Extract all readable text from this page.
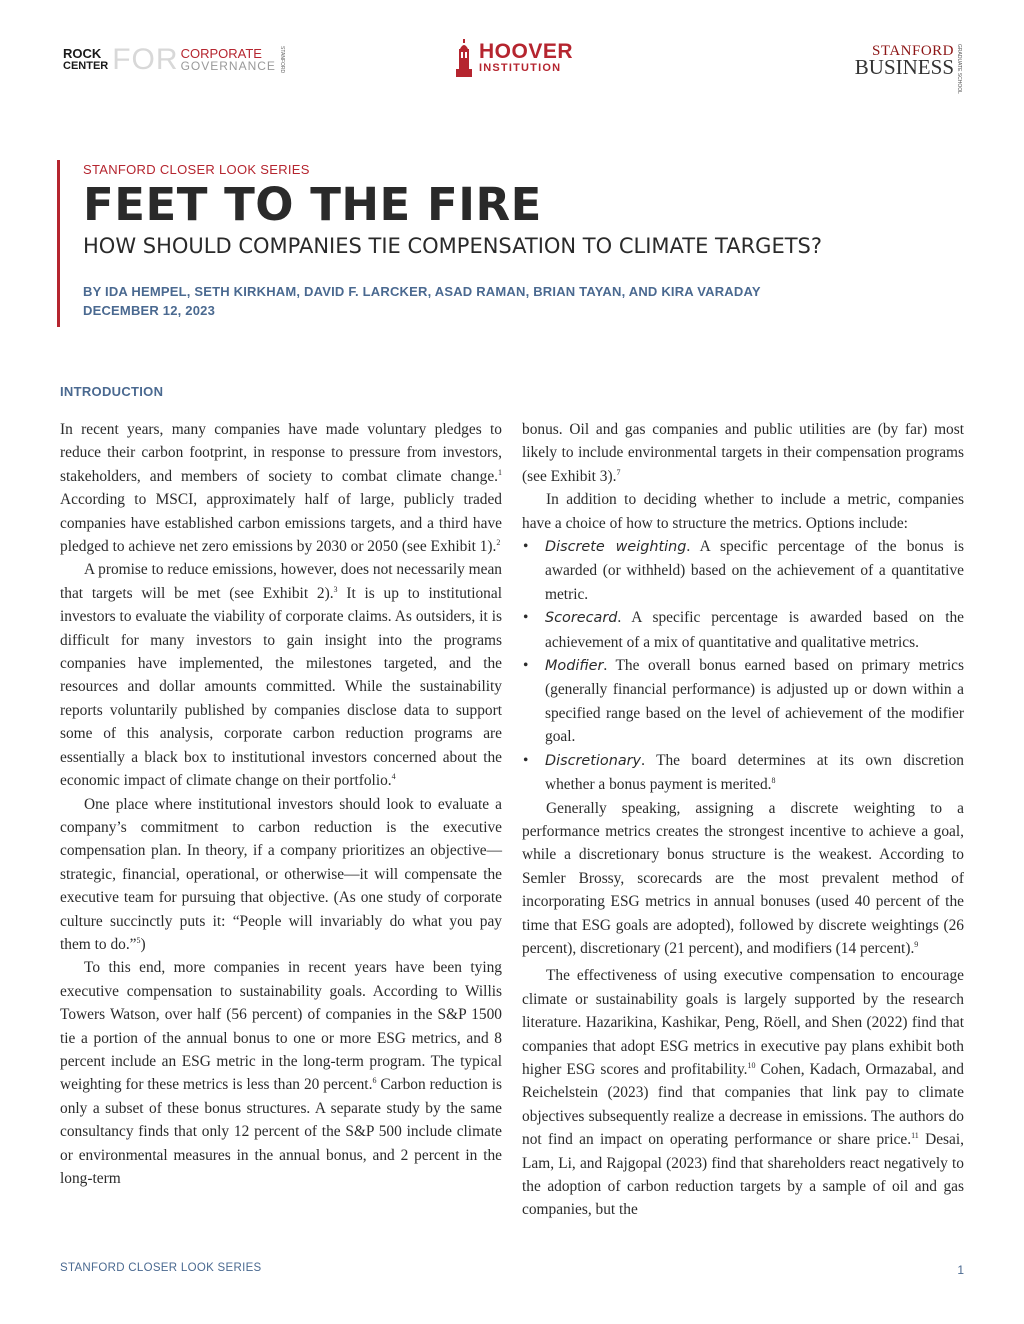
ROCK
CENTER FOR CORPORATE
GOVERNANCE STANFORD	HOOVER
INSTITUTION
STANFORD
BUSINESS GRADUATE SCHOOL
STANFORD CLOSER LOOK SERIES
FEET TO THE FIRE
HOW SHOULD COMPANIES TIE COMPENSATION TO CLIMATE TARGETS?
BY IDA HEMPEL, SETH KIRKHAM, DAVID F. LARCKER, ASAD RAMAN, BRIAN TAYAN, AND KIRA VARADAY
DECEMBER 12, 2023
INTRODUCTION

In recent years, many companies have made voluntary pledges to reduce their carbon footprint, in response to pressure from investors, stakeholders, and members of society to combat climate change.$^1$ According to MSCI, approximately half of large, publicly traded companies have established carbon emissions targets, and a third have pledged to achieve net zero emissions by 2030 or 2050 (see Exhibit 1).$^2$

A promise to reduce emissions, however, does not necessarily mean that targets will be met (see Exhibit 2).$^3$ It is up to institutional investors to evaluate the viability of corporate claims. As outsiders, it is difficult for many investors to gain insight into the programs companies have implemented, the milestones targeted, and the resources and dollar amounts committed. While the sustainability reports voluntarily published by companies disclose data to support some of this analysis, corporate carbon reduction programs are essentially a black box to institutional investors concerned about the economic impact of climate change on their portfolio.$^4$

One place where institutional investors should look to evaluate a company’s commitment to carbon reduction is the executive compensation plan. In theory, if a company prioritizes an objective—strategic, financial, operational, or otherwise—it will compensate the executive team for pursuing that objective. (As one study of corporate culture succinctly puts it: “People will invariably do what you pay them to do.”$^5$)

To this end, more companies in recent years have been tying executive compensation to sustainability goals. According to Willis Towers Watson, over half (56 percent) of companies in the S&P 1500 tie a portion of the annual bonus to one or more ESG metrics, and 8 percent include an ESG metric in the long-term program. The typical weighting for these metrics is less than 20 percent.$^6$ Carbon reduction is only a subset of these bonus structures. A separate study by the same consultancy finds that only 12 percent of the S&P 500 include climate or environmental measures in the annual bonus, and 2 percent in the long-term

bonus. Oil and gas companies and public utilities are (by far) most likely to include environmental targets in their compensation programs (see Exhibit 3).$^7$

In addition to deciding whether to include a metric, companies have a choice of how to structure the metrics. Options include:

• Discrete weighting. A specific percentage of the bonus is awarded (or withheld) based on the achievement of a quantitative metric.
• Scorecard. A specific percentage is awarded based on the achievement of a mix of quantitative and qualitative metrics.
• Modifier. The overall bonus earned based on primary metrics (generally financial performance) is adjusted up or down within a specified range based on the level of achievement of the modifier goal.
• Discretionary. The board determines at its own discretion whether a bonus payment is merited.$^8$

Generally speaking, assigning a discrete weighting to a performance metrics creates the strongest incentive to achieve a goal, while a discretionary bonus structure is the weakest. According to Semler Brossy, scorecards are the most prevalent method of incorporating ESG metrics in annual bonuses (used 40 percent of the time that ESG goals are adopted), followed by discrete weightings (26 percent), discretionary (21 percent), and modifiers (14 percent).$^9$

The effectiveness of using executive compensation to encourage climate or sustainability goals is largely supported by the research literature. Hazarikina, Kashikar, Peng, Röell, and Shen (2022) find that companies that adopt ESG metrics in executive pay plans exhibit both higher ESG scores and profitability.$^{10}$ Cohen, Kadach, Ormazabal, and Reichelstein (2023) find that companies that link pay to climate objectives subsequently realize a decrease in emissions. The authors do not find an impact on operating performance or share price.$^{11}$ Desai, Lam, Li, and Rajgopal (2023) find that shareholders react negatively to the adoption of carbon reduction targets by a sample of oil and gas companies, but the

STANFORD CLOSER LOOK SERIES	1
